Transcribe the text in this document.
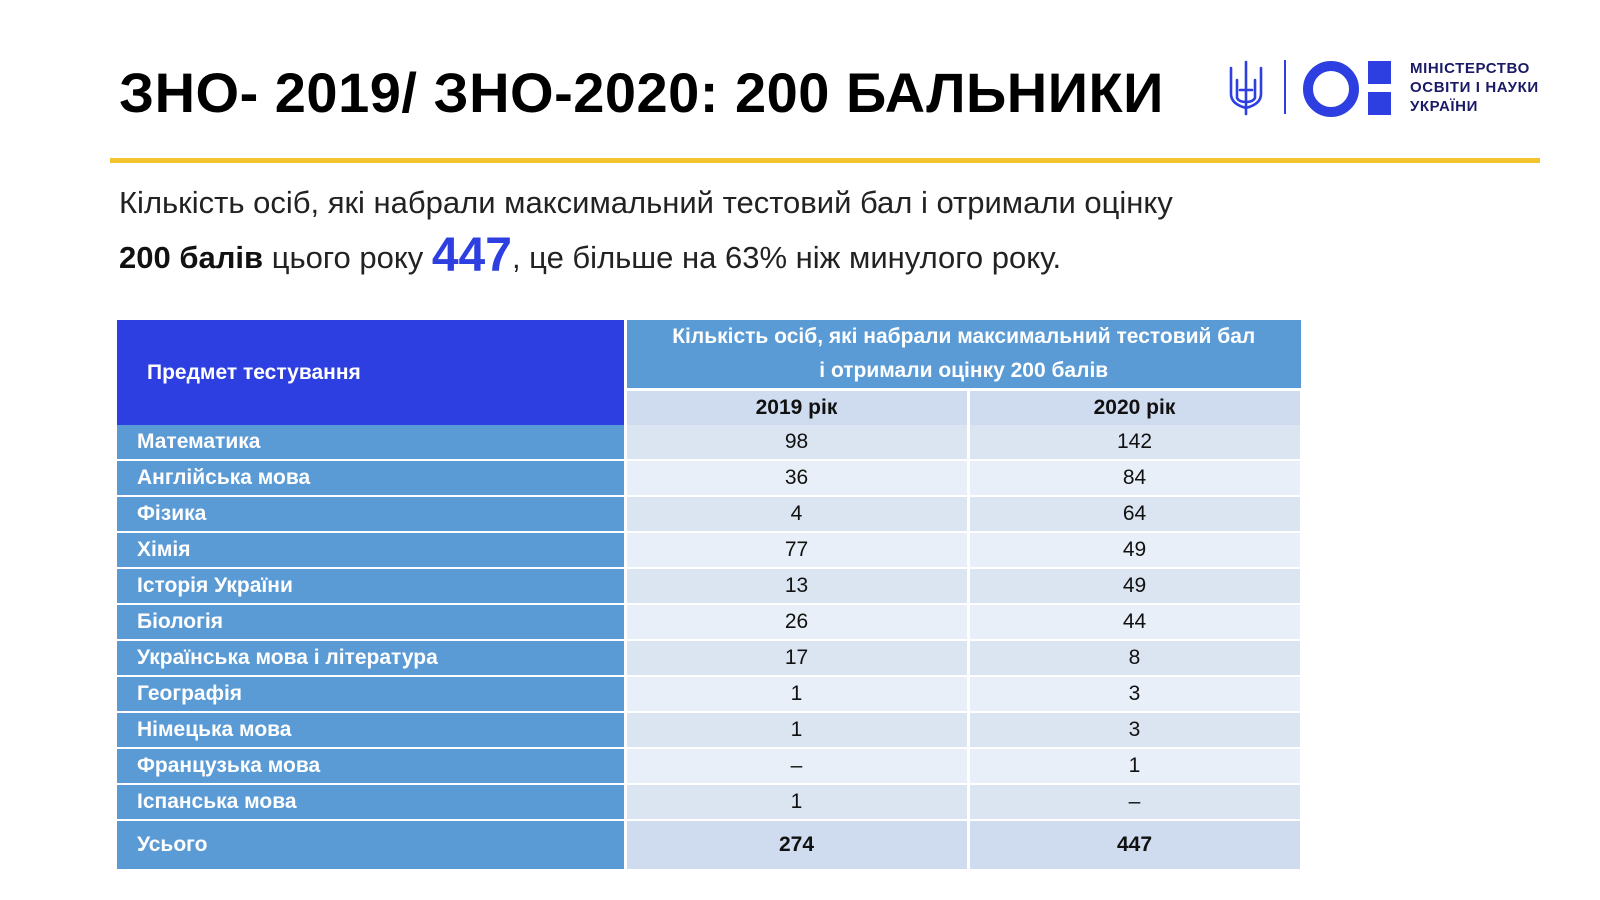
ЗНО- 2019/ ЗНО-2020: 200 БАЛЬНИКИ	МІНІСТЕРСТВО
ОСВІТИ І НАУКИ
УКРАЇНИ
Кількість осіб, які набрали максимальний тестовий бал і отримали оцінку
200 балів цього року 447, це більше на 63% ніж минулого року.
Предмет тестування	Кількість осіб, які набрали максимальний тестовий бал
і отримали оцінку 200 балів	

	2019 рік	2020 рік
Математика	98	142
Англійська мова	36	84
Фізика	4	64
Хімія	77	49
Історія України	13	49
Біологія	26	44
Українська мова і література	17	8
Географія	1	3
Німецька мова	1	3
Французька мова	–	1
Іспанська мова	1	–
Усього	274	447
